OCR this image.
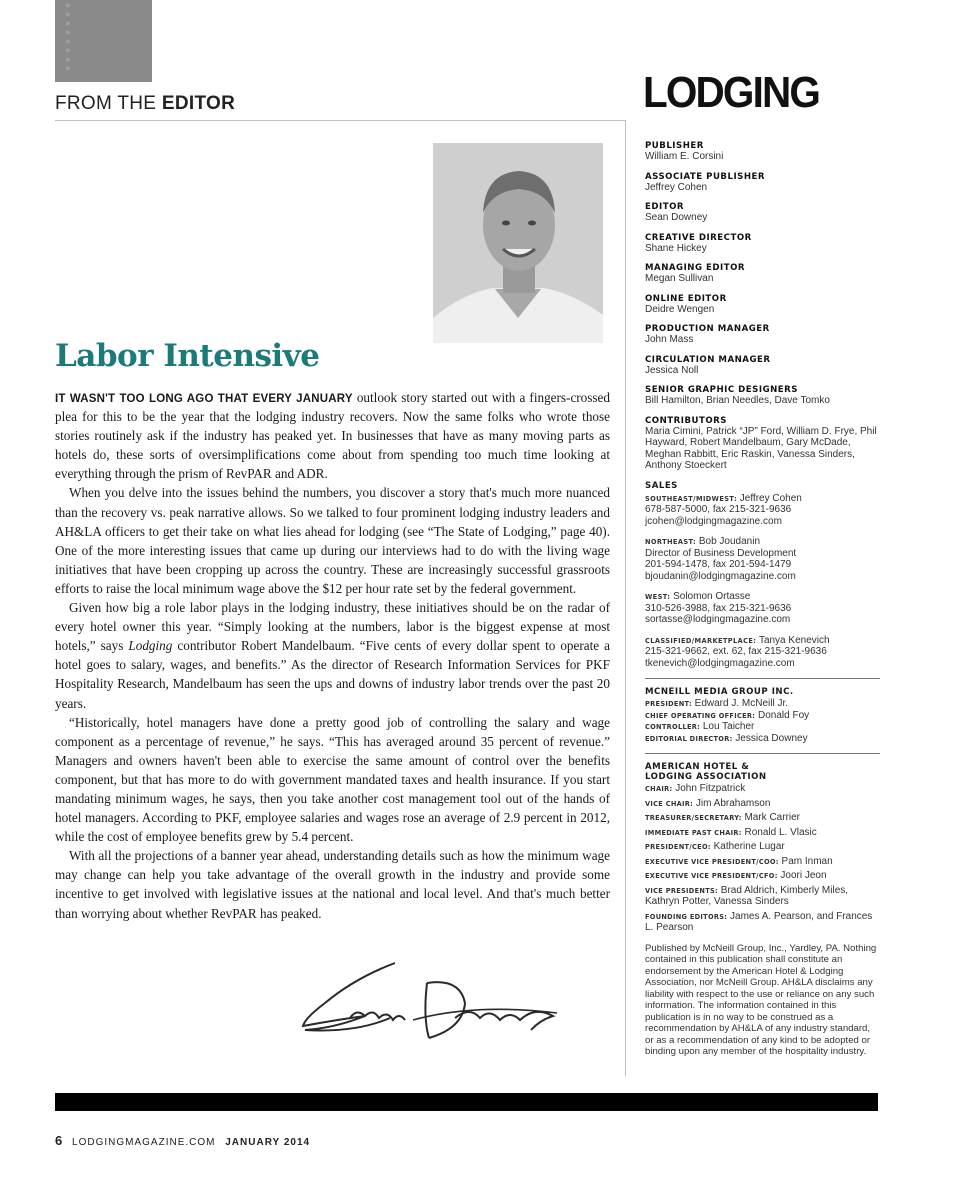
»
»
»
»
»
»
»
»
FROM THE EDITOR	LODGING
Labor Intensive

IT WASN'T TOO LONG AGO THAT EVERY JANUARY outlook story started out with a fingers-crossed plea for this to be the year that the lodging industry recovers. Now the same folks who wrote those stories routinely ask if the industry has peaked yet. In businesses that have as many moving parts as hotels do, these sorts of oversimplifications come about from spending too much time looking at everything through the prism of RevPAR and ADR.

When you delve into the issues behind the numbers, you discover a story that's much more nuanced than the recovery vs. peak narrative allows. So we talked to four prominent lodging industry leaders and AH&LA officers to get their take on what lies ahead for lodging (see “The State of Lodging,” page 40). One of the more interesting issues that came up during our interviews had to do with the living wage initiatives that have been cropping up across the country. These are increasingly successful grassroots efforts to raise the local minimum wage above the $12 per hour rate set by the federal government.

Given how big a role labor plays in the lodging industry, these initiatives should be on the radar of every hotel owner this year. “Simply looking at the numbers, labor is the biggest expense at most hotels,” says Lodging contributor Robert Mandelbaum. “Five cents of every dollar spent to operate a hotel goes to salary, wages, and benefits.” As the director of Research Information Services for PKF Hospitality Research, Mandelbaum has seen the ups and downs of industry labor trends over the past 20 years.

“Historically, hotel managers have done a pretty good job of controlling the salary and wage component as a percentage of revenue,” he says. “This has averaged around 35 percent of revenue.” Managers and owners haven't been able to exercise the same amount of control over the benefits component, but that has more to do with government mandated taxes and health insurance. If you start mandating minimum wages, he says, then you take another cost management tool out of the hands of hotel managers. According to PKF, employee salaries and wages rose an average of 2.9 percent in 2012, while the cost of employee benefits grew by 5.4 percent.

With all the projections of a banner year ahead, understanding details such as how the minimum wage may change can help you take advantage of the overall growth in the industry and provide some incentive to get involved with legislative issues at the national and local level. And that's much better than worrying about whether RevPAR has peaked.

PUBLISHER
William E. Corsini
ASSOCIATE PUBLISHER
Jeffrey Cohen
EDITOR
Sean Downey
CREATIVE DIRECTOR
Shane Hickey
MANAGING EDITOR
Megan Sullivan
ONLINE EDITOR
Deidre Wengen
PRODUCTION MANAGER
John Mass
CIRCULATION MANAGER
Jessica Noll
SENIOR GRAPHIC DESIGNERS
Bill Hamilton, Brian Needles, Dave Tomko
CONTRIBUTORS
Maria Cimini, Patrick “JP” Ford, William D. Frye, Phil Hayward, Robert Mandelbaum, Gary McDade, Meghan Rabbitt, Eric Raskin, Vanessa Sinders, Anthony Stoeckert
SALES
SOUTHEAST/MIDWEST: Jeffrey Cohen
678-587-5000, fax 215-321-9636
jcohen@lodgingmagazine.com
NORTHEAST: Bob Joudanin
Director of Business Development
201-594-1478, fax 201-594-1479
bjoudanin@lodgingmagazine.com
WEST: Solomon Ortasse
310-526-3988, fax 215-321-9636
sortasse@lodgingmagazine.com
CLASSIFIED/MARKETPLACE: Tanya Kenevich
215-321-9662, ext. 62, fax 215-321-9636
tkenevich@lodgingmagazine.com
MCNEILL MEDIA GROUP INC.
PRESIDENT: Edward J. McNeill Jr.
CHIEF OPERATING OFFICER: Donald Foy
CONTROLLER: Lou Taicher
EDITORIAL DIRECTOR: Jessica Downey
AMERICAN HOTEL &
LODGING ASSOCIATION
CHAIR: John Fitzpatrick
VICE CHAIR: Jim Abrahamson
TREASURER/SECRETARY: Mark Carrier
IMMEDIATE PAST CHAIR: Ronald L. Vlasic
PRESIDENT/CEO: Katherine Lugar
EXECUTIVE VICE PRESIDENT/COO: Pam Inman
EXECUTIVE VICE PRESIDENT/CFO: Joori Jeon
VICE PRESIDENTS: Brad Aldrich, Kimberly Miles, Kathryn Potter, Vanessa Sinders
FOUNDING EDITORS: James A. Pearson, and Frances L. Pearson
Published by McNeill Group, Inc., Yardley, PA. Nothing contained in this publication shall constitute an endorsement by the American Hotel & Lodging Association, nor McNeill Group. AH&LA disclaims any liability with respect to the use or reliance on any such information. The information contained in this publication is in no way to be construed as a recommendation by AH&LA of any industry standard, or as a recommendation of any kind to be adopted or binding upon any member of the hospitality industry.
6 LODGINGMAGAZINE.COM JANUARY 2014
